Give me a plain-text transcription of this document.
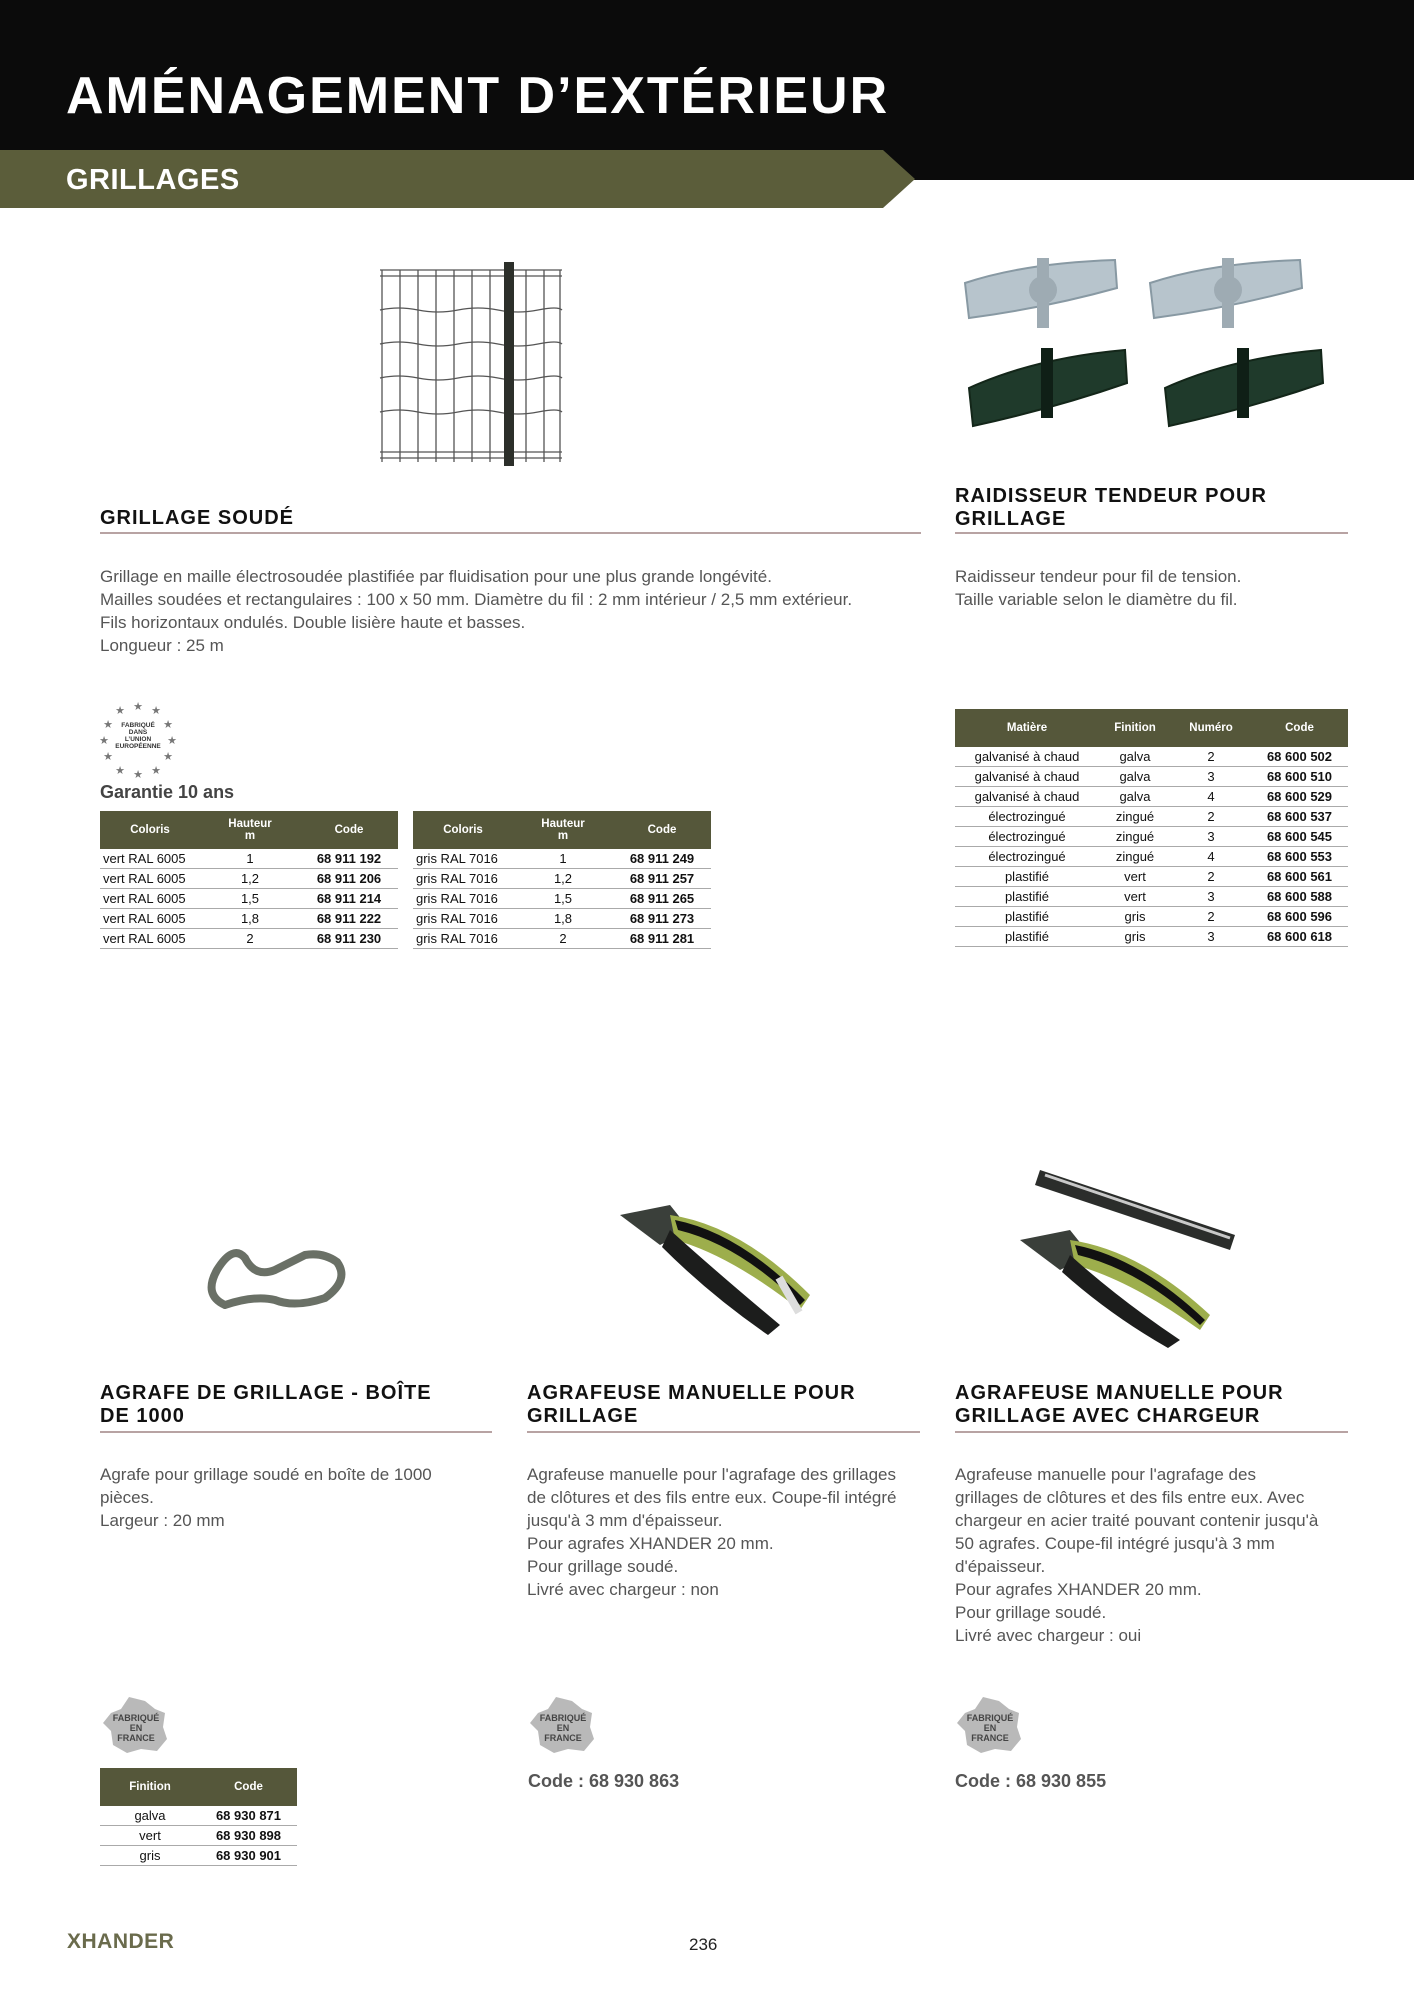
AMÉNAGEMENT D’EXTÉRIEUR
GRILLAGES
GRILLAGE SOUDÉ
Grillage en maille électrosoudée plastifiée par fluidisation pour une plus grande longévité.
Mailles soudées et rectangulaires : 100 x 50 mm. Diamètre du fil : 2 mm intérieur / 2,5 mm extérieur.
Fils horizontaux ondulés. Double lisière haute et basses.
Longueur : 25 m
★ ★
★
★
★
★
★
★
★
★
★
★
FABRIQUÉ
DANS
L’UNION
EUROPÉENNE
Garantie 10 ans
Coloris	Hauteur
m	Code
vert RAL 6005	1	68 911 192
vert RAL 6005	1,2	68 911 206
vert RAL 6005	1,5	68 911 214
vert RAL 6005	1,8	68 911 222
vert RAL 6005	2	68 911 230
Coloris	Hauteur
m	Code
gris RAL 7016	1	68 911 249
gris RAL 7016	1,2	68 911 257
gris RAL 7016	1,5	68 911 265
gris RAL 7016	1,8	68 911 273
gris RAL 7016	2	68 911 281
RAIDISSEUR TENDEUR POUR
GRILLAGE
Raidisseur tendeur pour fil de tension.
Taille variable selon le diamètre du fil.
Matière	Finition	Numéro	Code
galvanisé à chaud	galva	2	68 600 502
galvanisé à chaud	galva	3	68 600 510
galvanisé à chaud	galva	4	68 600 529
électrozingué	zingué	2	68 600 537
électrozingué	zingué	3	68 600 545
électrozingué	zingué	4	68 600 553
plastifié	vert	2	68 600 561
plastifié	vert	3	68 600 588
plastifié	gris	2	68 600 596
plastifié	gris	3	68 600 618
AGRAFE DE GRILLAGE - BOÎTE
DE 1000
Agrafe pour grillage soudé en boîte de 1000
pièces.
Largeur : 20 mm
AGRAFEUSE MANUELLE POUR
GRILLAGE
Agrafeuse manuelle pour l'agrafage des grillages
de clôtures et des fils entre eux. Coupe-fil intégré
jusqu'à 3 mm d'épaisseur.
Pour agrafes XHANDER 20 mm.
Pour grillage soudé.
Livré avec chargeur : non
AGRAFEUSE MANUELLE POUR
GRILLAGE AVEC CHARGEUR
Agrafeuse manuelle pour l'agrafage des
grillages de clôtures et des fils entre eux. Avec
chargeur en acier traité pouvant contenir jusqu'à
50 agrafes. Coupe-fil intégré jusqu'à 3 mm
d'épaisseur.
Pour agrafes XHANDER 20 mm.
Pour grillage soudé.
Livré avec chargeur : oui
FABRIQUÉ
EN
FRANCE
FABRIQUÉ
EN
FRANCE
FABRIQUÉ
EN
FRANCE
Finition	Code
galva	68 930 871
vert	68 930 898
gris	68 930 901
Code : 68 930 863	Code : 68 930 855
XHANDER	236
